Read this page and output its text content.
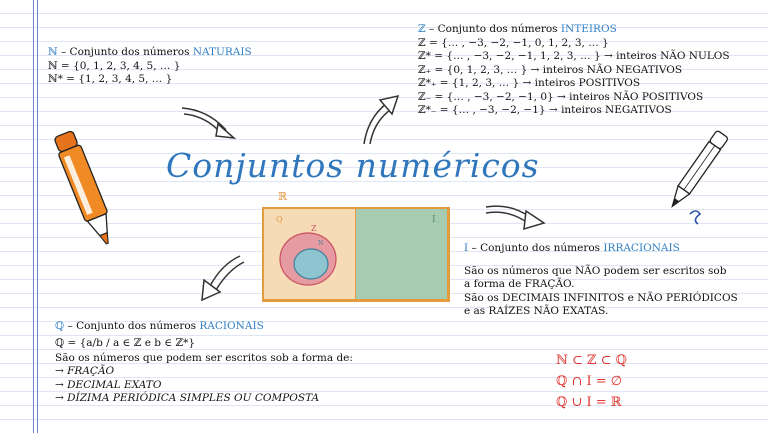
ℕ – Conjunto dos números NATURAIS
ℕ = {0, 1, 2, 3, 4, 5, … }
ℕ* = {1, 2, 3, 4, 5, … }
ℤ – Conjunto dos números INTEIROS
ℤ = {… , −3, −2, −1, 0, 1, 2, 3, … }
ℤ* = {… , −3, −2, −1, 1, 2, 3, … } → inteiros NÃO NULOS
ℤ₊ = {0, 1, 2, 3, … } → inteiros NÃO NEGATIVOS
ℤ*₊ = {1, 2, 3, … } → inteiros POSITIVOS
ℤ₋ = {… , −3, −2, −1, 0} → inteiros NÃO POSITIVOS
ℤ*₋ = {… , −3, −2, −1} → inteiros NEGATIVOS
Conjuntos numéricos
I – Conjunto dos números IRRACIONAIS
São os números que NÃO podem ser escritos sob
a forma de FRAÇÃO.
São os DECIMAIS INFINITOS e NÃO PERIÓDICOS
e as RAÍZES NÃO EXATAS.
ℚ – Conjunto dos números RACIONAIS
ℚ = {a/b / a ∈ ℤ e b ∈ ℤ*}
São os números que podem ser escritos sob a forma de:
→ FRAÇÃO
→ DECIMAL EXATO
→ DÍZIMA PERIÓDICA SIMPLES OU COMPOSTA
ℝ
Q
Z
N
I
ℕ ⊂ ℤ ⊂ ℚ
ℚ ∩ I = ∅
ℚ ∪ I = ℝ
